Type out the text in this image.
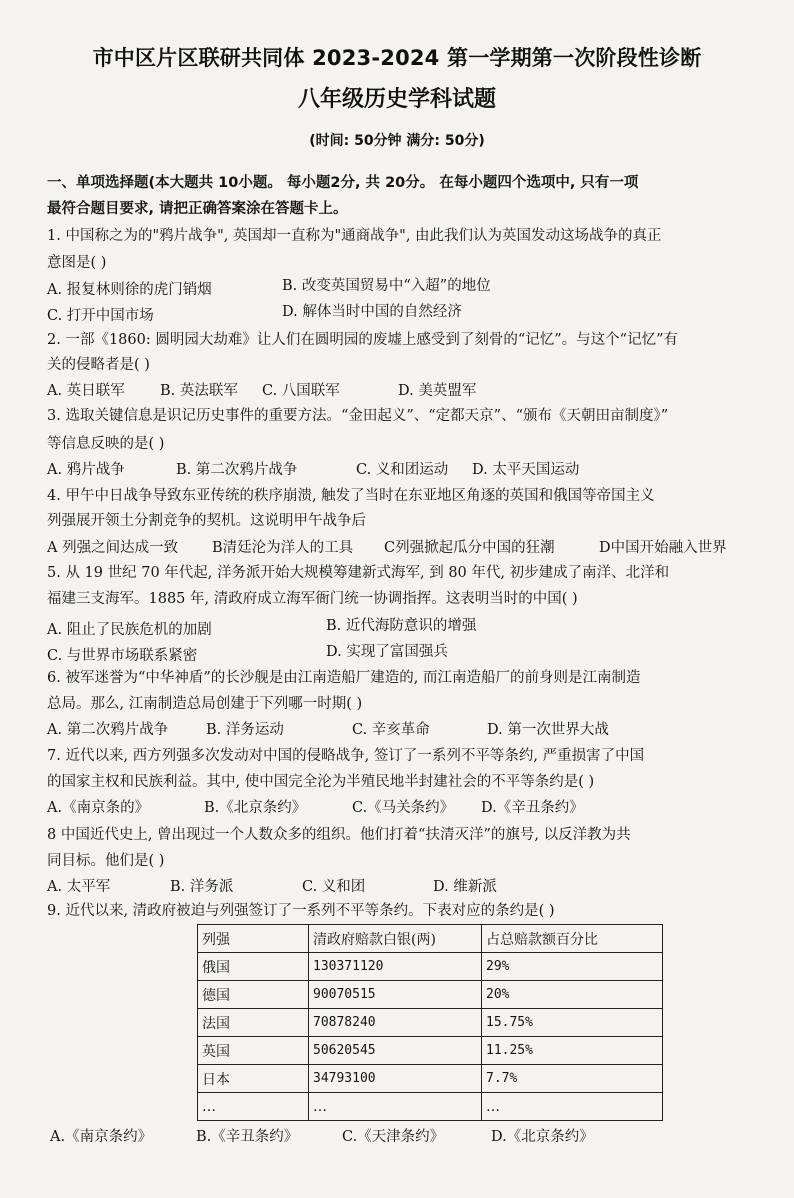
市中区片区联研共同体 2023-2024 第一学期第一次阶段性诊断
八年级历史学科试题
(时间: 50分钟 满分: 50分)
一、单项选择题(本大题共 10小题。 每小题2分, 共 20分。 在每小题四个选项中, 只有一项
最符合题目要求, 请把正确答案涂在答题卡上。
1. 中国称之为的"鸦片战争", 英国却一直称为"通商战争", 由此我们认为英国发动这场战争的真正
意图是( )
A. 报复林则徐的虎门销烟	B. 改变英国贸易中“入超”的地位
C. 打开中国市场	D. 解体当时中国的自然经济
2. 一部《1860: 圆明园大劫难》让人们在圆明园的废墟上感受到了刻骨的“记忆”。与这个“记忆”有
关的侵略者是( )
A. 英日联军 B. 英法联军 C. 八国联军	D. 美英盟军
3. 选取关键信息是识记历史事件的重要方法。“金田起义”、“定都天京”、“颁布《天朝田亩制度》”
等信息反映的是( )
A. 鸦片战争	B. 第二次鸦片战争	C. 义和团运动 D. 太平天国运动
4. 甲午中日战争导致东亚传统的秩序崩溃, 触发了当时在东亚地区角逐的英国和俄国等帝国主义
列强展开领土分割竞争的契机。这说明甲午战争后
A 列强之间达成一致 B清廷沦为洋人的工具 C列强掀起瓜分中国的狂潮	D中国开始融入世界
5. 从 19 世纪 70 年代起, 洋务派开始大规模筹建新式海军, 到 80 年代, 初步建成了南洋、北洋和
福建三支海军。1885 年, 清政府成立海军衙门统一协调指挥。这表明当时的中国( )
A. 阻止了民族危机的加剧	B. 近代海防意识的增强
C. 与世界市场联系紧密	D. 实现了富国强兵
6. 被军迷誉为“中华神盾”的长沙舰是由江南造船厂建造的, 而江南造船厂的前身则是江南制造
总局。那么, 江南制造总局创建于下列哪一时期( )
A. 第二次鸦片战争	B. 洋务运动	C. 辛亥革命	D. 第一次世界大战
7. 近代以来, 西方列强多次发动对中国的侵略战争, 签订了一系列不平等条约, 严重损害了中国
的国家主权和民族利益。其中, 使中国完全沦为半殖民地半封建社会的不平等条约是( )
A.《南京条的》	B.《北京条约》	C.《马关条约》 D.《辛丑条约》
8 中国近代史上, 曾出现过一个人数众多的组织。他们打着“扶清灭洋”的旗号, 以反洋教为共
同目标。他们是( )
A. 太平军	B. 洋务派	C. 义和团	D. 维新派
9. 近代以来, 清政府被迫与列强签订了一系列不平等条约。下表对应的条约是( )
列强	清政府赔款白银(两)	占总赔款额百分比
俄国	130371120	29%
德国	90070515	20%
法国	70878240	15.75%
英国	50620545	11.25%
日本	34793100	7.7%
…	…	…
A.《南京条约》	B.《辛丑条约》	C.《天津条约》	D.《北京条约》
